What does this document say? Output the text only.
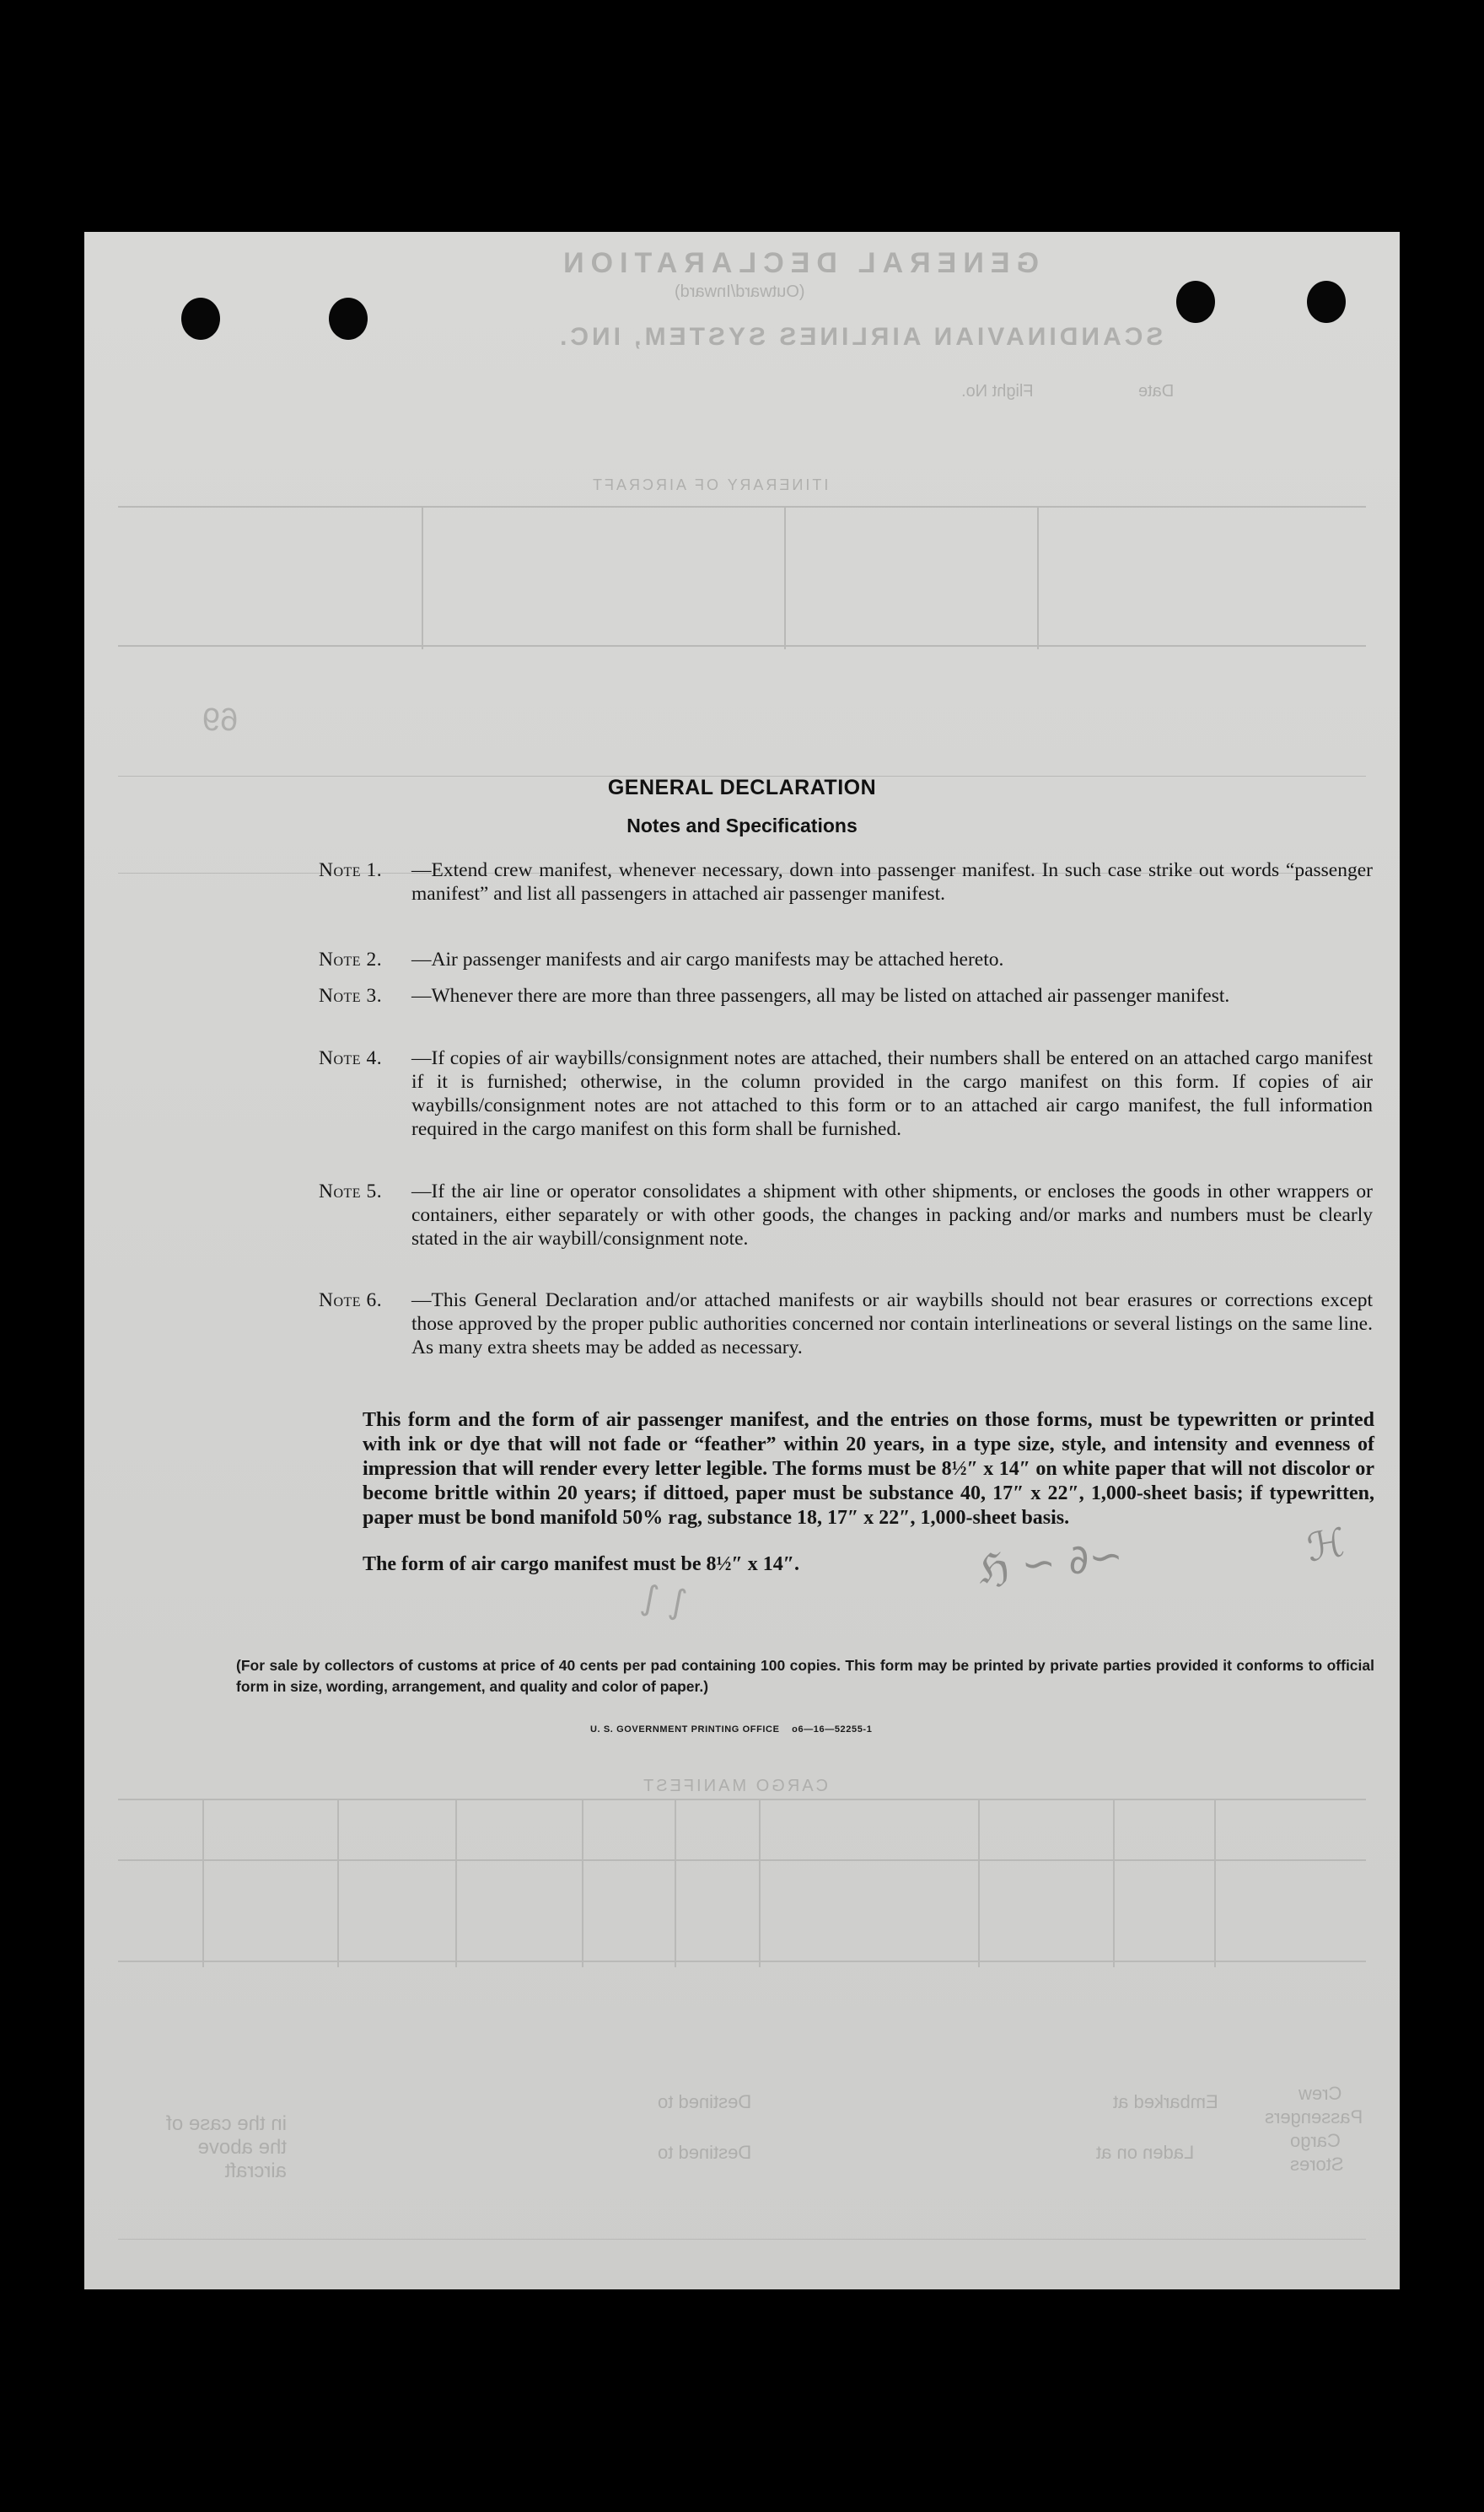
GENERAL DECLARATION
(Outward/Inward)
SCANDINAVIAN AIRLINES SYSTEM, INC.
Flight No.	Date
ITINERARY OF AIRCRAFT
69
CARGO MANIFEST
Crew
Passengers
Cargo
Stores
Embarked at
Laden on at
Destined to
Destined to
in the case of the above aircraft
ℌ ∽ ∂∽	ℋ
∫ ∫
GENERAL DECLARATION
Notes and Specifications
Note 1. —Extend crew manifest, whenever necessary, down into passenger manifest. In such case strike out words “passenger manifest” and list all passengers in attached air passenger manifest.
Note 2. —Air passenger manifests and air cargo manifests may be attached hereto.
Note 3. —Whenever there are more than three passengers, all may be listed on attached air passenger manifest.
Note 4. —If copies of air waybills/consignment notes are attached, their numbers shall be entered on an attached cargo manifest if it is furnished; otherwise, in the column provided in the cargo manifest on this form. If copies of air waybills/consignment notes are not attached to this form or to an attached air cargo manifest, the full information required in the cargo manifest on this form shall be furnished.
Note 5. —If the air line or operator consolidates a shipment with other shipments, or encloses the goods in other wrappers or containers, either separately or with other goods, the changes in packing and/or marks and numbers must be clearly stated in the air waybill/consignment note.
Note 6. —This General Declaration and/or attached manifests or air waybills should not bear erasures or corrections except those approved by the proper public authorities concerned nor contain interlineations or several listings on the same line. As many extra sheets may be added as necessary.

This form and the form of air passenger manifest, and the entries on those forms, must be typewritten or printed with ink or dye that will not fade or “feather” within 20 years, in a type size, style, and intensity and evenness of impression that will render every letter legible. The forms must be 8½″ x 14″ on white paper that will not discolor or become brittle within 20 years; if dittoed, paper must be substance 40, 17″ x 22″, 1,000-sheet basis; if typewritten, paper must be bond manifold 50% rag, substance 18, 17″ x 22″, 1,000-sheet basis.

The form of air cargo manifest must be 8½″ x 14″.

(For sale by collectors of customs at price of 40 cents per pad containing 100 copies. This form may be printed by private parties provided it conforms to official form in size, wording, arrangement, and quality and color of paper.)
U. S. GOVERNMENT PRINTING OFFICE    o6—16—52255-1
